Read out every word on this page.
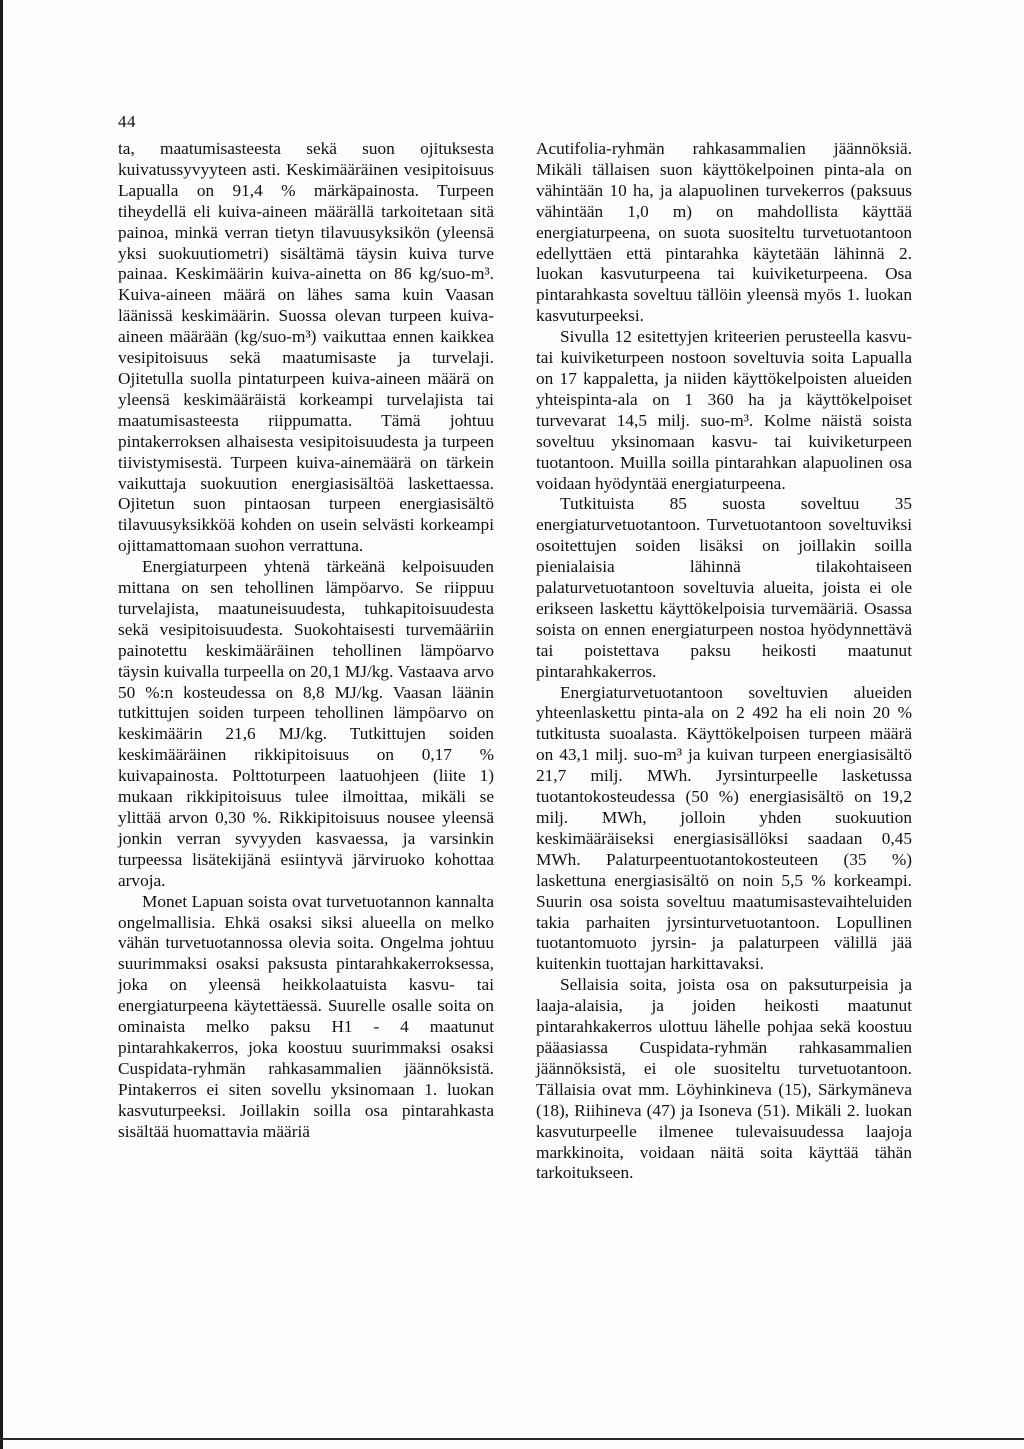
44

ta, maatumisasteesta sekä suon ojituksesta kuivatussyvyyteen asti. Keskimääräinen vesipitoisuus Lapualla on 91,4 % märkäpainosta. Turpeen tiheydellä eli kuiva-aineen määrällä tarkoitetaan sitä painoa, minkä verran tietyn tilavuusyksikön (yleensä yksi suokuutiometri) sisältämä täysin kuiva turve painaa. Keskimäärin kuiva-ainetta on 86 kg/suo-m³. Kuiva-aineen määrä on lähes sama kuin Vaasan läänissä keskimäärin. Suossa olevan turpeen kuiva-aineen määrään (kg/suo-m³) vaikuttaa ennen kaikkea vesipitoisuus sekä maatumisaste ja turvelaji. Ojitetulla suolla pintaturpeen kuiva-aineen määrä on yleensä keskimääräistä korkeampi turvelajista tai maatumisasteesta riippumatta. Tämä johtuu pintakerroksen alhaisesta vesipitoisuudesta ja turpeen tiivistymisestä. Turpeen kuiva-ainemäärä on tärkein vaikuttaja suokuution energiasisältöä laskettaessa. Ojitetun suon pintaosan turpeen energiasisältö tilavuusyksikköä kohden on usein selvästi korkeampi ojittamattomaan suohon verrattuna.

Energiaturpeen yhtenä tärkeänä kelpoisuuden mittana on sen tehollinen lämpöarvo. Se riippuu turvelajista, maatuneisuudesta, tuhkapitoisuudesta sekä vesipitoisuudesta. Suokohtaisesti turvemääriin painotettu keskimääräinen tehollinen lämpöarvo täysin kuivalla turpeella on 20,1 MJ/kg. Vastaava arvo 50 %:n kosteudessa on 8,8 MJ/kg. Vaasan läänin tutkittujen soiden turpeen tehollinen lämpöarvo on keskimäärin 21,6 MJ/kg. Tutkittujen soiden keskimääräinen rikkipitoisuus on 0,17 % kuivapainosta. Polttoturpeen laatuohjeen (liite 1) mukaan rikkipitoisuus tulee ilmoittaa, mikäli se ylittää arvon 0,30 %. Rikkipitoisuus nousee yleensä jonkin verran syvyyden kasvaessa, ja varsinkin turpeessa lisätekijänä esiintyvä järviruoko kohottaa arvoja.

Monet Lapuan soista ovat turvetuotannon kannalta ongelmallisia. Ehkä osaksi siksi alueella on melko vähän turvetuotannossa olevia soita. Ongelma johtuu suurimmaksi osaksi paksusta pintarahkakerroksessa, joka on yleensä heikkolaatuista kasvu- tai energiaturpeena käytettäessä. Suurelle osalle soita on ominaista melko paksu H1 - 4 maatunut pintarahkakerros, joka koostuu suurimmaksi osaksi Cuspidata-ryhmän rahkasammalien jäännöksistä. Pintakerros ei siten sovellu yksinomaan 1. luokan kasvuturpeeksi. Joillakin soilla osa pintarahkasta sisältää huomattavia määriä

Acutifolia-ryhmän rahkasammalien jäännöksiä. Mikäli tällaisen suon käyttökelpoinen pinta-ala on vähintään 10 ha, ja alapuolinen turvekerros (paksuus vähintään 1,0 m) on mahdollista käyttää energiaturpeena, on suota suositeltu turvetuotantoon edellyttäen että pintarahka käytetään lähinnä 2. luokan kasvuturpeena tai kuiviketurpeena. Osa pintarahkasta soveltuu tällöin yleensä myös 1. luokan kasvuturpeeksi.

Sivulla 12 esitettyjen kriteerien perusteella kasvu- tai kuiviketurpeen nostoon soveltuvia soita Lapualla on 17 kappaletta, ja niiden käyttökelpoisten alueiden yhteispinta-ala on 1 360 ha ja käyttökelpoiset turvevarat 14,5 milj. suo-m³. Kolme näistä soista soveltuu yksinomaan kasvu- tai kuiviketurpeen tuotantoon. Muilla soilla pintarahkan alapuolinen osa voidaan hyödyntää energiaturpeena.

Tutkituista 85 suosta soveltuu 35 energiaturvetuotantoon. Turvetuotantoon soveltuviksi osoitettujen soiden lisäksi on joillakin soilla pienialaisia lähinnä tilakohtaiseen palaturvetuotantoon soveltuvia alueita, joista ei ole erikseen laskettu käyttökelpoisia turvemääriä. Osassa soista on ennen energiaturpeen nostoa hyödynnettävä tai poistettava paksu heikosti maatunut pintarahkakerros.

Energiaturvetuotantoon soveltuvien alueiden yhteenlaskettu pinta-ala on 2 492 ha eli noin 20 % tutkitusta suoalasta. Käyttökelpoisen turpeen määrä on 43,1 milj. suo-m³ ja kuivan turpeen energiasisältö 21,7 milj. MWh. Jyrsinturpeelle lasketussa tuotantokosteudessa (50 %) energiasisältö on 19,2 milj. MWh, jolloin yhden suokuution keskimääräiseksi energiasisällöksi saadaan 0,45 MWh. Palaturpeentuotantokosteuteen (35 %) laskettuna energiasisältö on noin 5,5 % korkeampi. Suurin osa soista soveltuu maatumisastevaihteluiden takia parhaiten jyrsinturvetuotantoon. Lopullinen tuotantomuoto jyrsin- ja palaturpeen välillä jää kuitenkin tuottajan harkittavaksi.

Sellaisia soita, joista osa on paksuturpeisia ja laaja-alaisia, ja joiden heikosti maatunut pintarahkakerros ulottuu lähelle pohjaa sekä koostuu pääasiassa Cuspidata-ryhmän rahkasammalien jäännöksistä, ei ole suositeltu turvetuotantoon. Tällaisia ovat mm. Löyhinkineva (15), Särkymäneva (18), Riihineva (47) ja Isoneva (51). Mikäli 2. luokan kasvuturpeelle ilmenee tulevaisuudessa laajoja markkinoita, voidaan näitä soita käyttää tähän tarkoitukseen.
